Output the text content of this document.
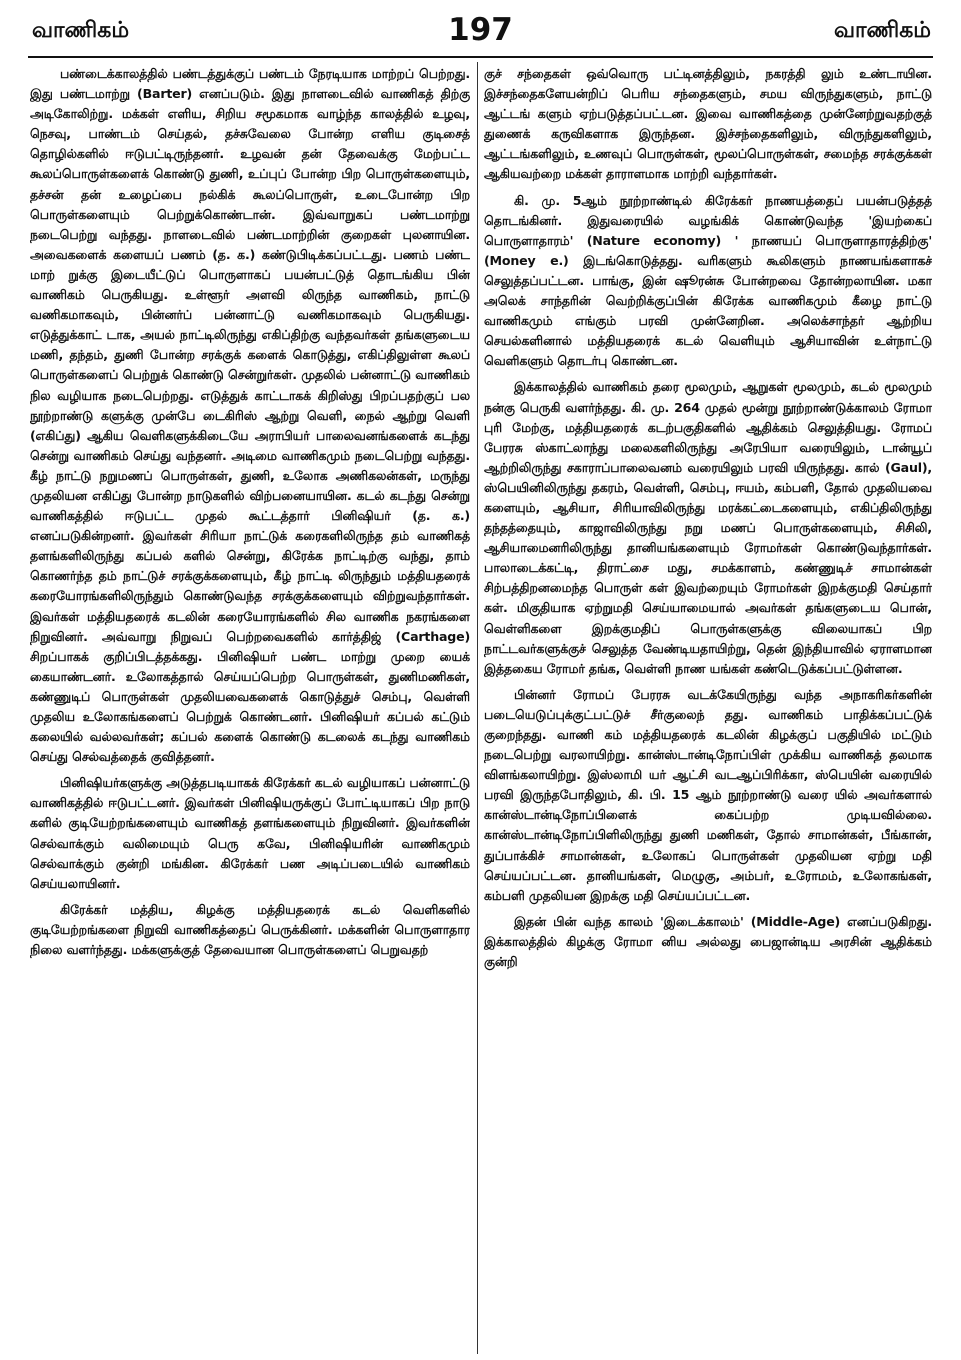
வாணிகம்	197	வாணிகம்

பண்டைக்காலத்தில் பண்டத்துக்குப் பண்டம் நேரடியாக மாற்றப் பெற்றது. இது பண்டமாற்று (Barter) எனப்படும். இது நாளடைவில் வாணிகத் திற்கு அடிகோலிற்று. மக்கள் எளிய, சிறிய சமூகமாக வாழ்ந்த காலத்தில் உழவு, நெசவு, பாண்டம் செய்தல், தச்சுவேலை போன்ற எளிய குடிசைத் தொழில்களில் ஈடுபட்டிருந்தனர். உழவன் தன் தேவைக்கு மேற்பட்ட கூலப்பொருள்களைக் கொண்டு துணி, உப்புப் போன்ற பிற பொருள்களையும், தச்சன் தன் உழைப்பை நல்கிக் கூலப்பொருள், உடைபோன்ற பிற பொருள்களையும் பெற்றுக்கொண்டான். இவ்வாறுகப் பண்டமாற்று நடைபெற்று வந்தது. நாளடைவில் பண்டமாற்றின் குறைகள் புலனாயின. அவைகளைக் களையப் பணம் (த. க.) கண்டுபிடிக்கப்பட்டது. பணம் பண்ட மாற் றுக்கு இடையீட்டுப் பொருளாகப் பயன்பட்டுத் தொடங்கிய பின் வாணிகம் பெருகியது. உள்ளூர் அளவி லிருந்த வாணிகம், நாட்டு வணிகமாகவும், பின்னர்ப் பன்னாட்டு வணிகமாகவும் பெருகியது. எடுத்துக்காட் டாக, அயல் நாட்டிலிருந்து எகிப்திற்கு வந்தவர்கள் தங்களுடைய மணி, தந்தம், துணி போன்ற சரக்குக் களைக் கொடுத்து, எகிப்திலுள்ள கூலப் பொருள்களைப் பெற்றுக் கொண்டு சென்றுர்கள். முதலில் பன்னாட்டு வாணிகம் நில வழியாக நடைபெற்றது. எடுத்துக் காட்டாகக் கிறிஸ்து பிறப்பதற்குப் பல நூற்றாண்டு களுக்கு முன்பே டைகிரிஸ் ஆற்று வெளி, நைல் ஆற்று வெளி (எகிப்து) ஆகிய வெளிகளுக்கிடையே அராபியர் பாலைவனங்களைக் கடந்து சென்று வாணிகம் செய்து வந்தனர். அடிமை வாணிகமும் நடைபெற்று வந்தது. கீழ் நாட்டு நறுமணப் பொருள்கள், துணி, உலோக அணிகலன்கள், மருந்து முதலியன எகிப்து போன்ற நாடுகளில் விற்பனையாயின. கடல் கடந்து சென்று வாணிகத்தில் ஈடுபட்ட முதல் கூட்டத்தார் பினிஷியர் (த. க.) எனப்படுகின்றனர். இவர்கள் சிரியா நாட்டுக் கரைகளிலிருந்த தம் வாணிகத் தளங்களிலிருந்து கப்பல் களில் சென்று, கிரேக்க நாட்டிற்கு வந்து, தாம் கொணர்ந்த தம் நாட்டுச் சரக்குக்களையும், கீழ் நாட்டி லிருந்தும் மத்தியதரைக் கரையோரங்களிலிருந்தும் கொண்டுவந்த சரக்குக்களையும் விற்றுவந்தார்கள். இவர்கள் மத்தியதரைக் கடலின் கரையோரங்களில் சில வாணிக நகரங்களை நிறுவினர். அவ்வாறு நிறுவப் பெற்றவைகளில் கார்த்திஜ் (Carthage) சிறப்பாகக் குறிப்பிடத்தக்கது. பினிஷியர் பண்ட மாற்று முறை யைக் கையாண்டனர். உலோகத்தால் செய்யப்பெற்ற பொருள்கள், துணிமணிகள், கண்ணுடிப் பொருள்கள் முதலியவைகளைக் கொடுத்துச் செம்பு, வெள்ளி முதலிய உலோகங்களைப் பெற்றுக் கொண்டனர். பினிஷியர் கப்பல் கட்டும் கலையில் வல்லவர்கள்; கப்பல் களைக் கொண்டு கடலைக் கடந்து வாணிகம் செய்து செல்வத்தைக் குவித்தனர்.

பினிஷியர்களுக்கு அடுத்தபடியாகக் கிரேக்கர் கடல் வழியாகப் பன்னாட்டு வாணிகத்தில் ஈடுபட்டனர். இவர்கள் பினிஷியருக்குப் போட்டியாகப் பிற நாடு களில் குடியேற்றங்களையும் வாணிகத் தளங்களையும் நிறுவினர். இவர்களின் செல்வாக்கும் வலிமையும் பெரு கவே, பினிஷியரின் வாணிகமும் செல்வாக்கும் குன்றி மங்கின. கிரேக்கர் பண அடிப்படையில் வாணிகம் செய்யலாயினர்.

கிரேக்கர் மத்திய, கிழக்கு மத்தியதரைக் கடல் வெளிகளில் குடியேற்றங்களை நிறுவி வாணிகத்தைப் பெருக்கினர். மக்களின் பொருளாதார நிலை வளர்ந்தது. மக்களுக்குத் தேவையான பொருள்களைப் பெறுவதற்

குச் சந்தைகள் ஒவ்வொரு பட்டினத்திலும், நகரத்தி லும் உண்டாயின. இச்சந்தைகளேயன்றிப் பெரிய சந்தைகளும், சமய விருந்துகளும், நாட்டு ஆட்டங் களும் ஏற்படுத்தப்பட்டன. இவை வாணிகத்தை முன்னேற்றுவதற்குத் துணைக் கருவிகளாக இருந்தன. இச்சந்தைகளிலும், விருந்துகளிலும், ஆட்டங்களிலும், உணவுப் பொருள்கள், மூலப்பொருள்கள், சமைந்த சரக்குக்கள் ஆகியவற்றை மக்கள் தாராளமாக மாற்றி வந்தார்கள்.

கி. மு. 5ஆம் நூற்றாண்டில் கிரேக்கர் நாணயத்தைப் பயன்படுத்தத் தொடங்கினர். இதுவரையில் வழங்கிக் கொண்டுவந்த 'இயற்கைப் பொருளாதாரம்' (Nature economy) ' நாணயப் பொருளாதாரத்திற்கு' (Money e.) இடங்கொடுத்தது. வரிகளும் கூலிகளும் நாணயங்களாகச் செலுத்தப்பட்டன. பாங்கு, இன் ஷூரன்சு போன்றவை தோன்றலாயின. மகா அலெக் சாந்தரின் வெற்றிக்குப்பின் கிரேக்க வாணிகமும் கீழை நாட்டு வாணிகமும் எங்கும் பரவி முன்னேறின. அலெக்சாந்தர் ஆற்றிய செயல்களினால் மத்தியதரைக் கடல் வெளியும் ஆசியாவின் உள்நாட்டு வெளிகளும் தொடர்பு கொண்டன.

இக்காலத்தில் வாணிகம் தரை மூலமும், ஆறுகள் மூலமும், கடல் மூலமும் நன்கு பெருகி வளர்ந்தது. கி. மு. 264 முதல் மூன்று நூற்றாண்டுக்காலம் ரோமா புரி மேற்கு, மத்தியதரைக் கடற்பகுதிகளில் ஆதிக்கம் செலுத்தியது. ரோமப் பேரரசு ஸ்காட்லாந்து மலைகளிலிருந்து அரேபியா வரையிலும், டான்யூப் ஆற்றிலிருந்து சகாராப்பாலைவனம் வரையிலும் பரவி யிருந்தது. கால் (Gaul), ஸ்பெயினிலிருந்து தகரம், வெள்ளி, செம்பு, ஈயம், கம்பளி, தோல் முதலியவை களையும், ஆசியா, சிரியாவிலிருந்து மரக்கட்டைகளையும், எகிப்திலிருந்து தந்தத்தையும், காஜாவிலிருந்து நறு மணப் பொருள்களையும், சிசிலி, ஆசியாமைனரிலிருந்து தானியங்களையும் ரோமர்கள் கொண்டுவந்தார்கள். பாலாடைக்கட்டி, திராட்சை மது, சமக்காளம், கண்ணுடிச் சாமான்கள் சிற்பத்திறனமைந்த பொருள் கள் இவற்றையும் ரோமர்கள் இறக்குமதி செய்தார் கள். மிகுதியாக ஏற்றுமதி செய்யாமையால் அவர்கள் தங்களுடைய பொன், வெள்ளிகளை இறக்குமதிப் பொருள்களுக்கு விலையாகப் பிற நாட்டவர்களுக்குச் செலுத்த வேண்டியதாயிற்று, தென் இந்தியாவில் ஏராளமான இத்தகைய ரோமர் தங்க, வெள்ளி நாண யங்கள் கண்டெடுக்கப்பட்டுள்ளன.

பின்னர் ரோமப் பேரரசு வடக்கேயிருந்து வந்த அநாகரிகர்களின் படையெடுப்புக்குட்பட்டுச் சீர்குலைந் தது. வாணிகம் பாதிக்கப்பட்டுக் குறைந்தது. வாணி கம் மத்தியதரைக் கடலின் கிழக்குப் பகுதியில் மட்டும் நடைபெற்று வரலாயிற்று. கான்ஸ்டான்டிநோப்பிள் முக்கிய வாணிகத் தலமாக விளங்கலாயிற்று. இஸ்லாமி யர் ஆட்சி வடஆப்பிரிக்கா, ஸ்பெயின் வரையில் பரவி இருந்தபோதிலும், கி. பி. 15 ஆம் நூற்றாண்டு வரை யில் அவர்களால் கான்ஸ்டான்டிநோப்பிளைக் கைப்பற்ற முடியவில்லை. கான்ஸ்டான்டிநோப்பிளிலிருந்து துணி மணிகள், தோல் சாமான்கள், பீங்கான், துப்பாக்கிச் சாமான்கள், உலோகப் பொருள்கள் முதலியன ஏற்று மதி செய்யப்பட்டன. தானியங்கள், மெழுகு, அம்பர், உரோமம், உலோகங்கள், கம்பளி முதலியன இறக்கு மதி செய்யப்பட்டன.

இதன் பின் வந்த காலம் 'இடைக்காலம்' (Middle-Age) எனப்படுகிறது. இக்காலத்தில் கிழக்கு ரோமா னிய அல்லது பைஜான்டிய அரசின் ஆதிக்கம் குன்றி
